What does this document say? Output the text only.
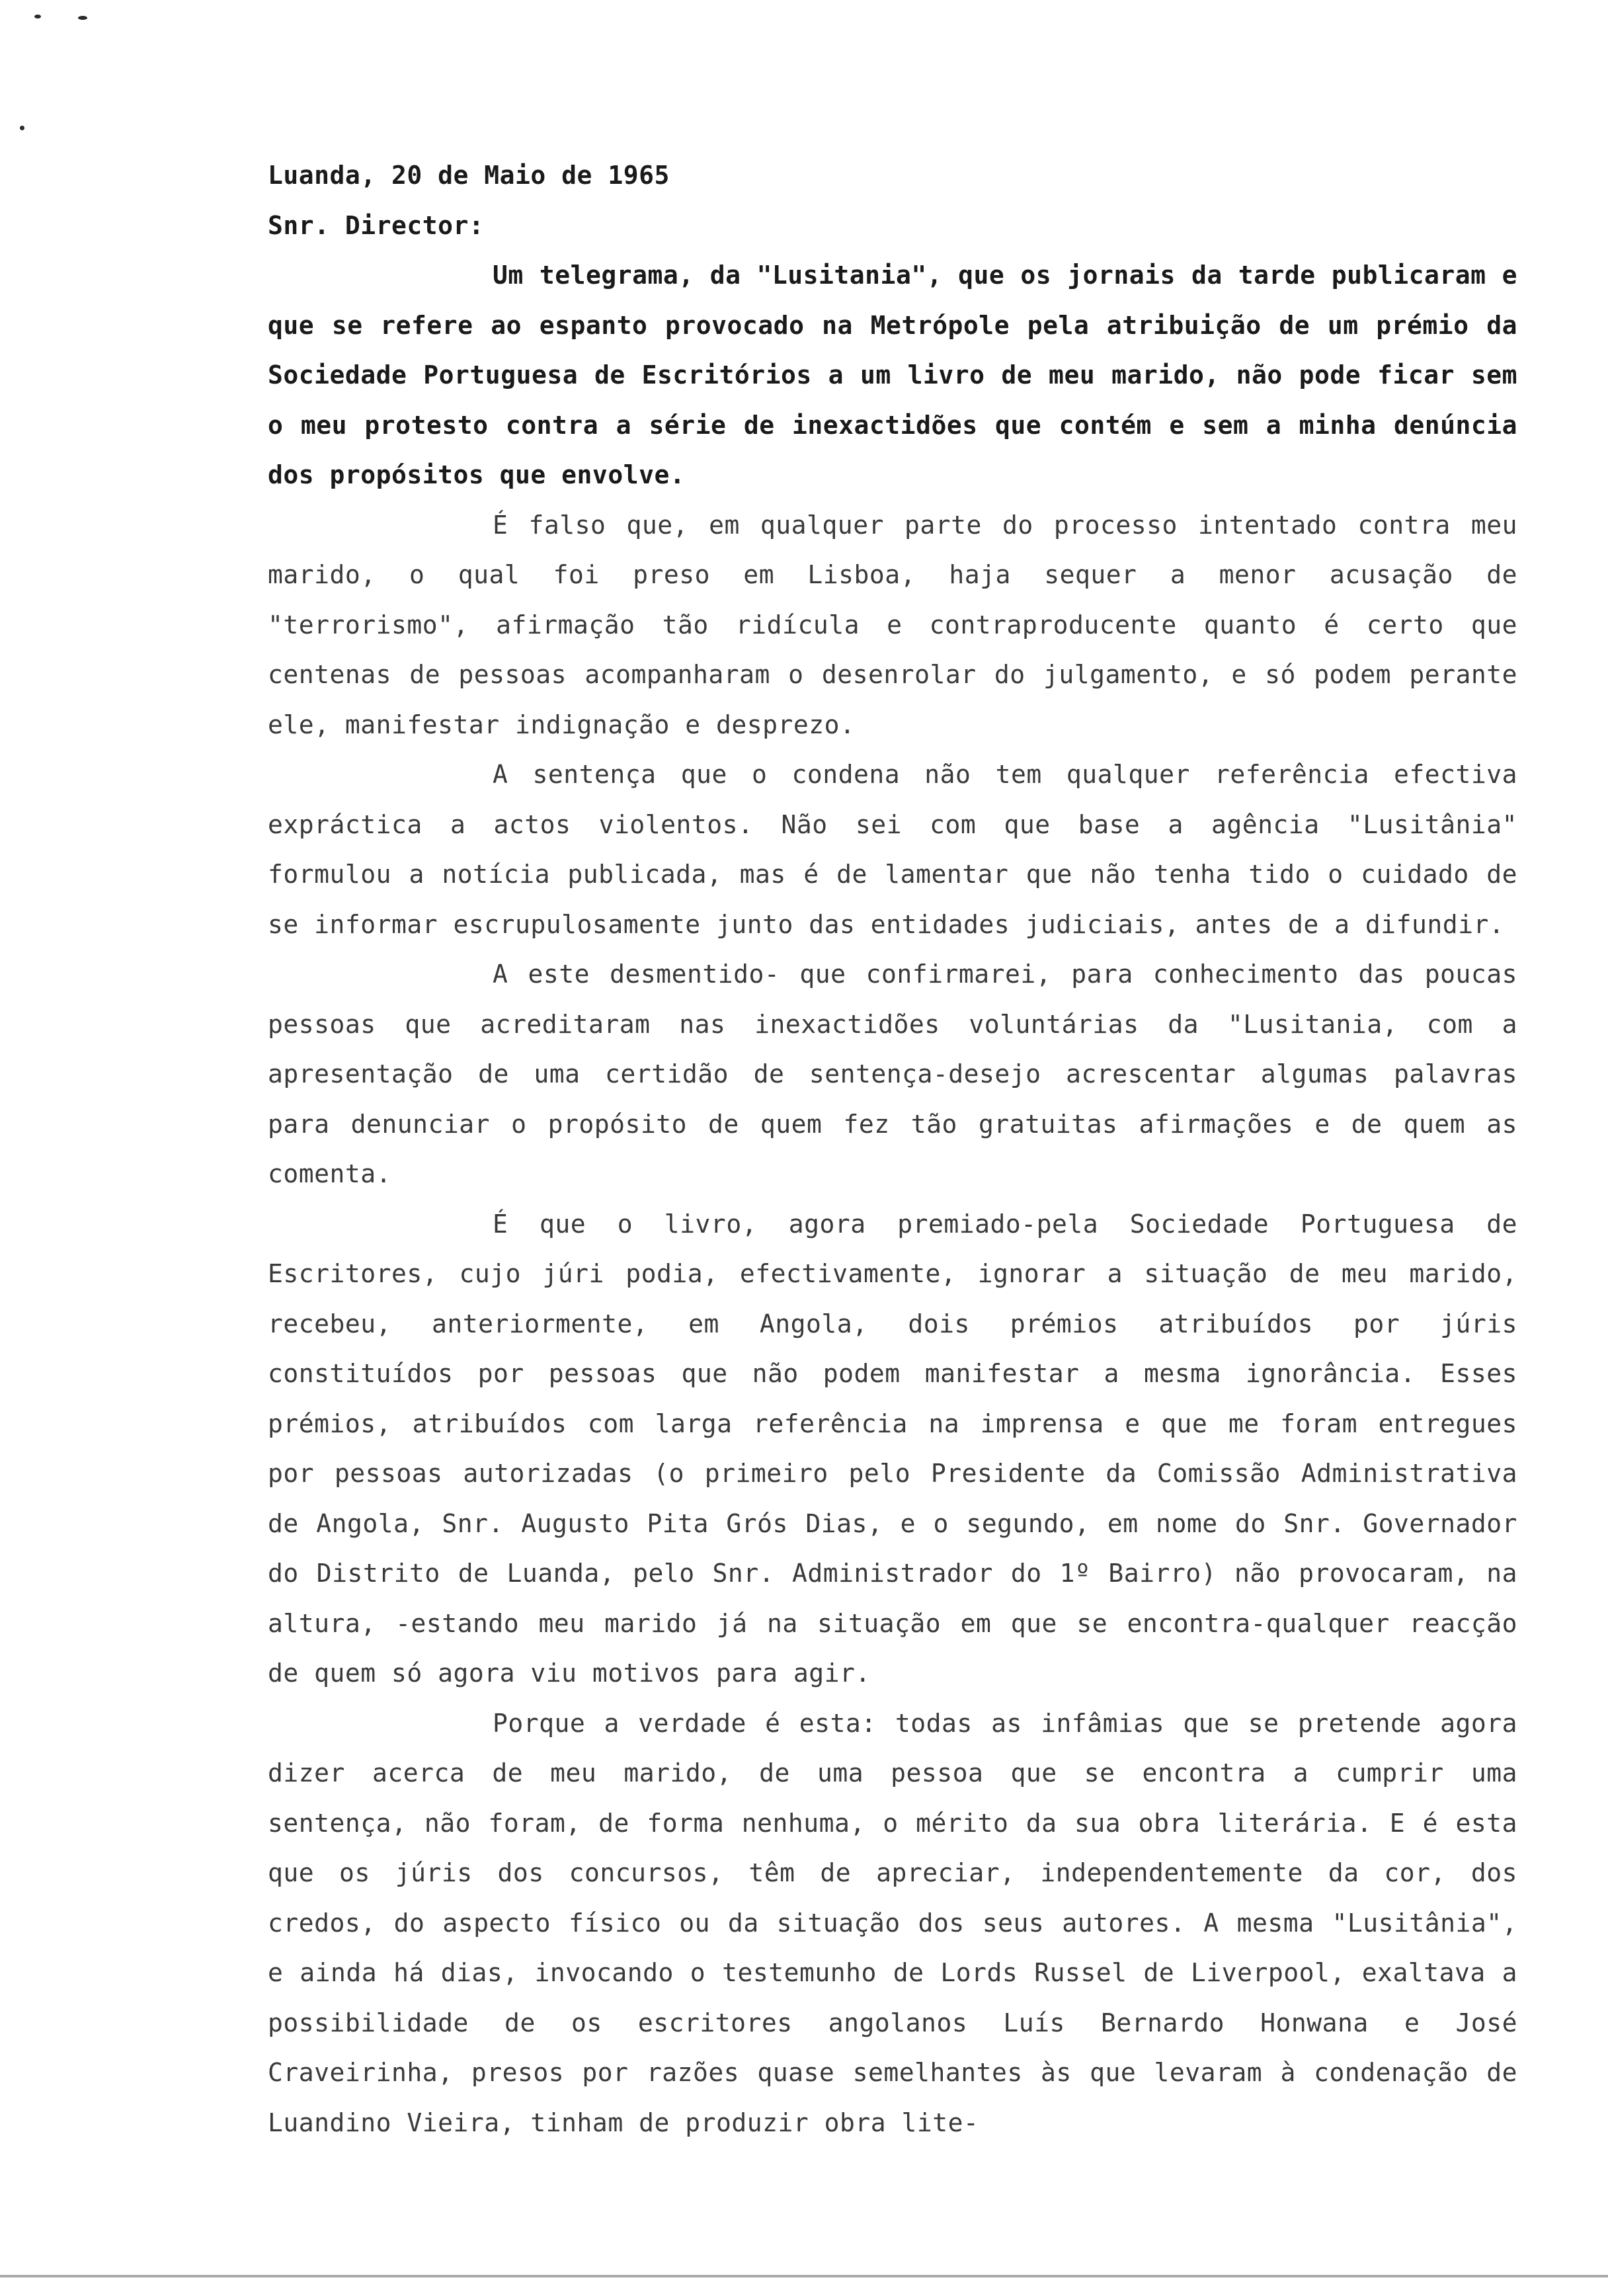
Luanda, 20 de Maio de 1965

Snr. Director:

Um telegrama, da "Lusitania", que os jornais da tarde publicaram e que se refere ao espanto provocado na Metrópole pela atribuição de um prémio da Sociedade Portuguesa de Escritórios a um livro de meu marido, não pode ficar sem o meu protesto contra a série de inexactidões que contém e sem a minha denúncia dos propósitos que envolve.

É falso que, em qualquer parte do processo intentado contra meu marido, o qual foi preso em Lisboa, haja sequer a menor acusação de "terrorismo", afirmação tão ridícula e contraproducente quanto é certo que centenas de pessoas acompanharam o desenrolar do julgamento, e só podem perante ele, manifestar indignação e desprezo.

A sentença que o condena não tem qualquer referência efectiva expráctica a actos violentos. Não sei com que base a agência "Lusitânia" formulou a notícia publicada, mas é de lamentar que não tenha tido o cuidado de se informar escrupulosamente junto das entidades judiciais, antes de a difundir.

A este desmentido- que confirmarei, para conhecimento das poucas pessoas que acreditaram nas inexactidões voluntárias da "Lusitania, com a apresentação de uma certidão de sentença-desejo acrescentar algumas palavras para denunciar o propósito de quem fez tão gratuitas afirmações e de quem as comenta.

É que o livro, agora premiado-pela Sociedade Portuguesa de Escritores, cujo júri podia, efectivamente, ignorar a situação de meu marido, recebeu, anteriormente, em Angola, dois prémios atribuídos por júris constituídos por pessoas que não podem manifestar a mesma ignorância. Esses prémios, atribuídos com larga referência na imprensa e que me foram entregues por pessoas autorizadas (o primeiro pelo Presidente da Comissão Administrativa de Angola, Snr. Augusto Pita Grós Dias, e o segundo, em nome do Snr. Governador do Distrito de Luanda, pelo Snr. Administrador do 1º Bairro) não provocaram, na altura, -estando meu marido já na situação em que se encontra-qualquer reacção de quem só agora viu motivos para agir.

Porque a verdade é esta: todas as infâmias que se pretende agora dizer acerca de meu marido, de uma pessoa que se encontra a cumprir uma sentença, não foram, de forma nenhuma, o mérito da sua obra literária. E é esta que os júris dos concursos, têm de apreciar, independentemente da cor, dos credos, do aspecto físico ou da situação dos seus autores. A mesma "Lusitânia", e ainda há dias, invocando o testemunho de Lords Russel de Liverpool, exaltava a possibilidade de os escritores angolanos Luís Bernardo Honwana e José Craveirinha, presos por razões quase semelhantes às que levaram à condenação de Luandino Vieira, tinham de produzir obra lite-
